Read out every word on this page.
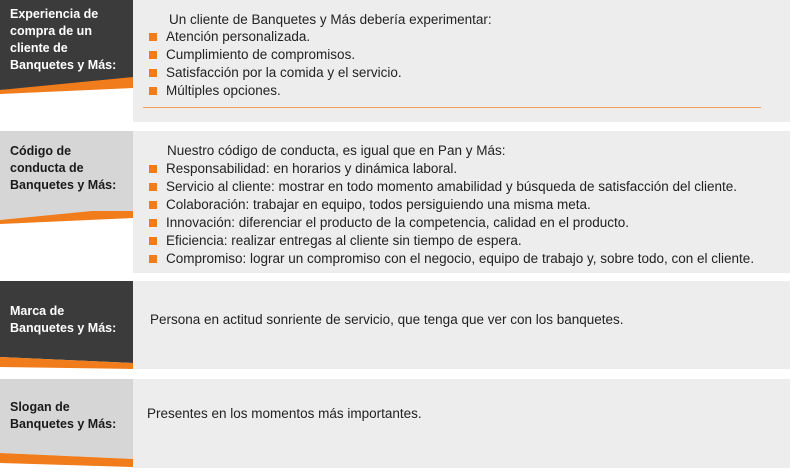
Experiencia de
compra de un
cliente de
Banquetes y Más:
Un cliente de Banquetes y Más debería experimentar:
Atención personalizada.
Cumplimiento de compromisos.
Satisfacción por la comida y el servicio.
Múltiples opciones.
Código de
conducta de
Banquetes y Más:
Nuestro código de conducta, es igual que en Pan y Más:
Responsabilidad: en horarios y dinámica laboral.
Servicio al cliente: mostrar en todo momento amabilidad y búsqueda de satisfacción del cliente.
Colaboración: trabajar en equipo, todos persiguiendo una misma meta.
Innovación: diferenciar el producto de la competencia, calidad en el producto.
Eficiencia: realizar entregas al cliente sin tiempo de espera.
Compromiso: lograr un compromiso con el negocio, equipo de trabajo y, sobre todo, con el cliente.
Marca de
Banquetes y Más:
Persona en actitud sonriente de servicio, que tenga que ver con los banquetes.
Slogan de
Banquetes y Más:
Presentes en los momentos más importantes.
